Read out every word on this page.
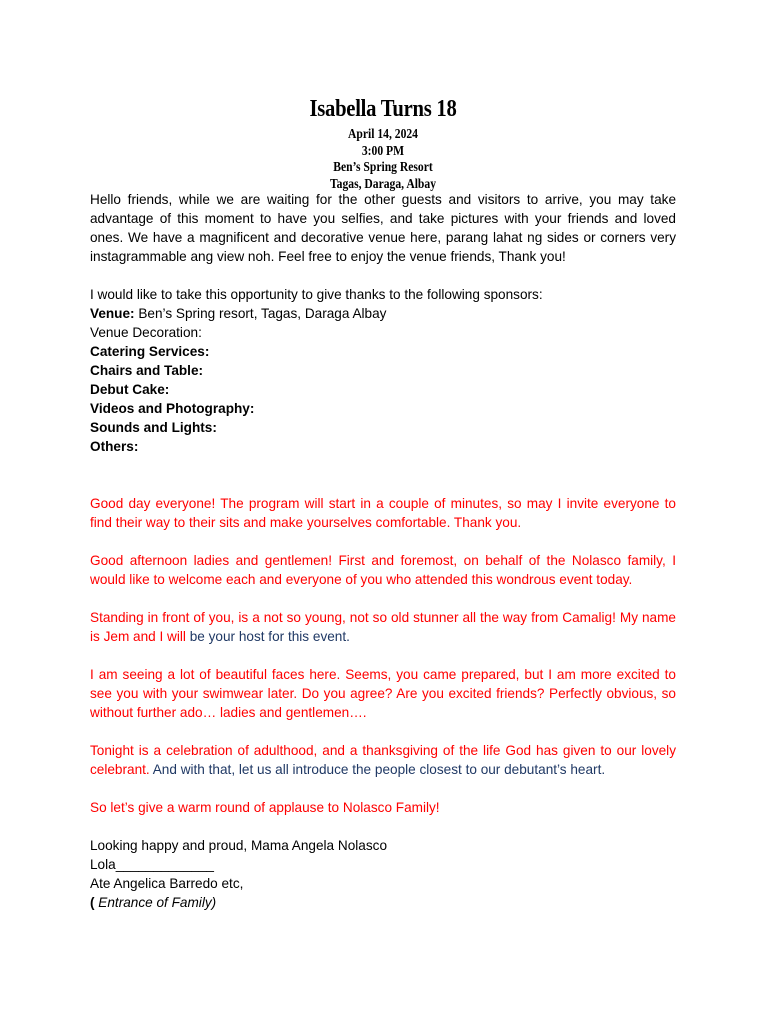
Isabella Turns 18
April 14, 2024
3:00 PM
Ben’s Spring Resort
Tagas, Daraga, Albay

Hello friends, while we are waiting for the other guests and visitors to arrive, you may take advantage of this moment to have you selfies, and take pictures with your friends and loved ones. We have a magnificent and decorative venue here, parang lahat ng sides or corners very instagrammable ang view noh. Feel free to enjoy the venue friends, Thank you!

I would like to take this opportunity to give thanks to the following sponsors:

Venue: Ben’s Spring resort, Tagas, Daraga Albay

Venue Decoration:

Catering Services:

Chairs and Table:

Debut Cake:

Videos and Photography:

Sounds and Lights:

Others:

Good day everyone! The program will start in a couple of minutes, so may I invite everyone to find their way to their sits and make yourselves comfortable. Thank you.

Good afternoon ladies and gentlemen! First and foremost, on behalf of the Nolasco family, I would like to welcome each and everyone of you who attended this wondrous event today.

Standing in front of you, is a not so young, not so old stunner all the way from Camalig! My name is Jem and I will be your host for this event.

I am seeing a lot of beautiful faces here. Seems, you came prepared, but I am more excited to see you with your swimwear later. Do you agree? Are you excited friends? Perfectly obvious, so without further ado… ladies and gentlemen….

Tonight is a celebration of adulthood, and a thanksgiving of the life God has given to our lovely celebrant. And with that, let us all introduce the people closest to our debutant’s heart.

So let’s give a warm round of applause to Nolasco Family!

Looking happy and proud, Mama Angela Nolasco

Lola_____________

Ate Angelica Barredo etc,

( Entrance of Family)
